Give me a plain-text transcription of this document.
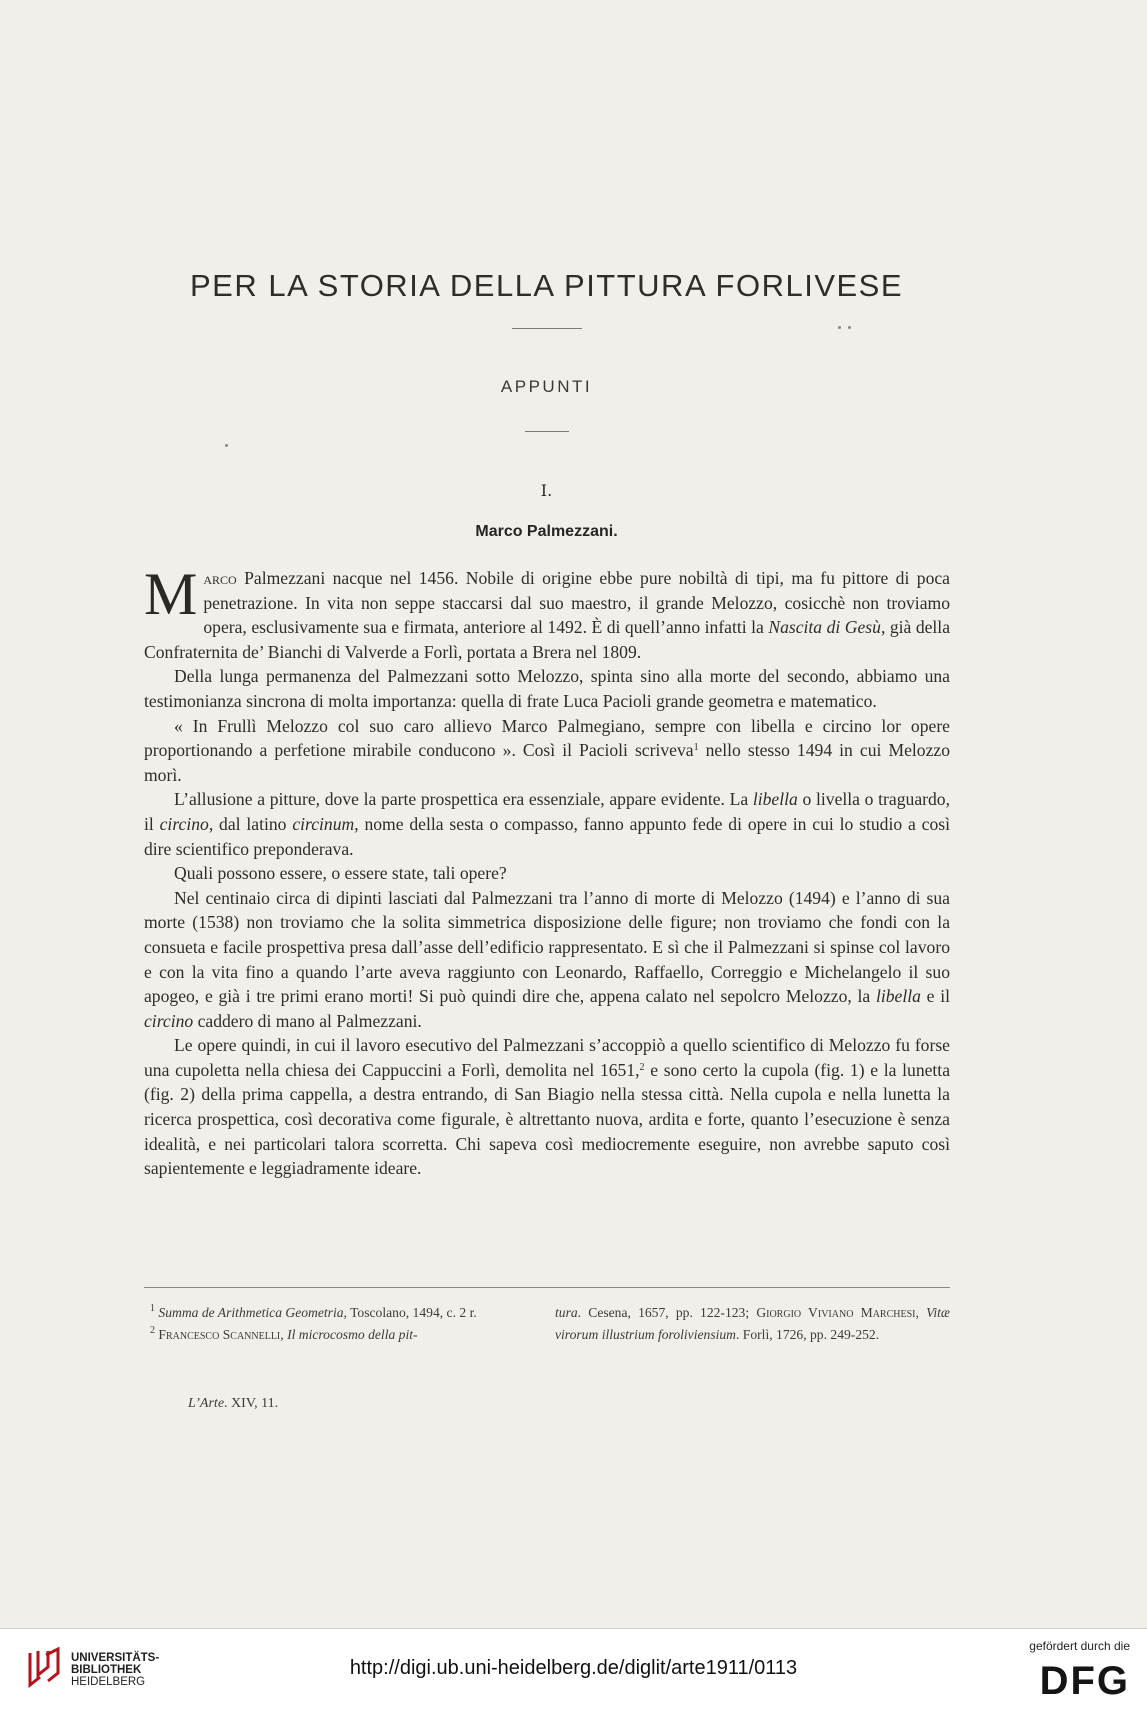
PER LA STORIA DELLA PITTURA FORLIVESE
APPUNTI
I.
Marco Palmezzani.

Marco Palmezzani nacque nel 1456. Nobile di origine ebbe pure nobiltà di tipi, ma fu pittore di poca penetrazione. In vita non seppe staccarsi dal suo maestro, il grande Melozzo, cosicchè non troviamo opera, esclusivamente sua e firmata, anteriore al 1492. È di quell’anno infatti la Nascita di Gesù, già della Confraternita de’ Bianchi di Valverde a Forlì, portata a Brera nel 1809.

Della lunga permanenza del Palmezzani sotto Melozzo, spinta sino alla morte del secondo, abbiamo una testimonianza sincrona di molta importanza: quella di frate Luca Pacioli grande geometra e matematico.

« In Frullì Melozzo col suo caro allievo Marco Palmegiano, sempre con libella e circino lor opere proportionando a perfetione mirabile conducono ». Così il Pacioli scriveva$^1$ nello stesso 1494 in cui Melozzo morì.

L’allusione a pitture, dove la parte prospettica era essenziale, appare evidente. La libella o livella o traguardo, il circino, dal latino circinum, nome della sesta o compasso, fanno appunto fede di opere in cui lo studio a così dire scientifico preponderava.

Quali possono essere, o essere state, tali opere?

Nel centinaio circa di dipinti lasciati dal Palmezzani tra l’anno di morte di Melozzo (1494) e l’anno di sua morte (1538) non troviamo che la solita simmetrica disposizione delle figure; non troviamo che fondi con la consueta e facile prospettiva presa dall’asse dell’edificio rappresentato. E sì che il Palmezzani si spinse col lavoro e con la vita fino a quando l’arte aveva raggiunto con Leonardo, Raffaello, Correggio e Michelangelo il suo apogeo, e già i tre primi erano morti! Si può quindi dire che, appena calato nel sepolcro Melozzo, la libella e il circino caddero di mano al Palmezzani.

Le opere quindi, in cui il lavoro esecutivo del Palmezzani s’accoppiò a quello scientifico di Melozzo fu forse una cupoletta nella chiesa dei Cappuccini a Forlì, demolita nel 1651,$^2$ e sono certo la cupola (fig. 1) e la lunetta (fig. 2) della prima cappella, a destra entrando, di San Biagio nella stessa città. Nella cupola e nella lunetta la ricerca prospettica, così decorativa come figurale, è altrettanto nuova, ardita e forte, quanto l’esecuzione è senza idealità, e nei particolari talora scorretta. Chi sapeva così mediocremente eseguire, non avrebbe saputo così sapientemente e leggiadramente ideare.

$^1$ Summa de Arithmetica Geometria, Toscolano, 1494, c. 2 r.

$^2$ Francesco Scannelli, Il microcosmo della pit-

tura. Cesena, 1657, pp. 122-123; Giorgio Viviano Marchesi, Vitæ virorum illustrium foroliviensium. Forlì, 1726, pp. 249-252.

L’Arte. XIV, 11.
UNIVERSITÄTS-
BIBLIOTHEK
HEIDELBERG
http://digi.ub.uni-heidelberg.de/diglit/arte1911/0113
gefördert durch die
DFG
